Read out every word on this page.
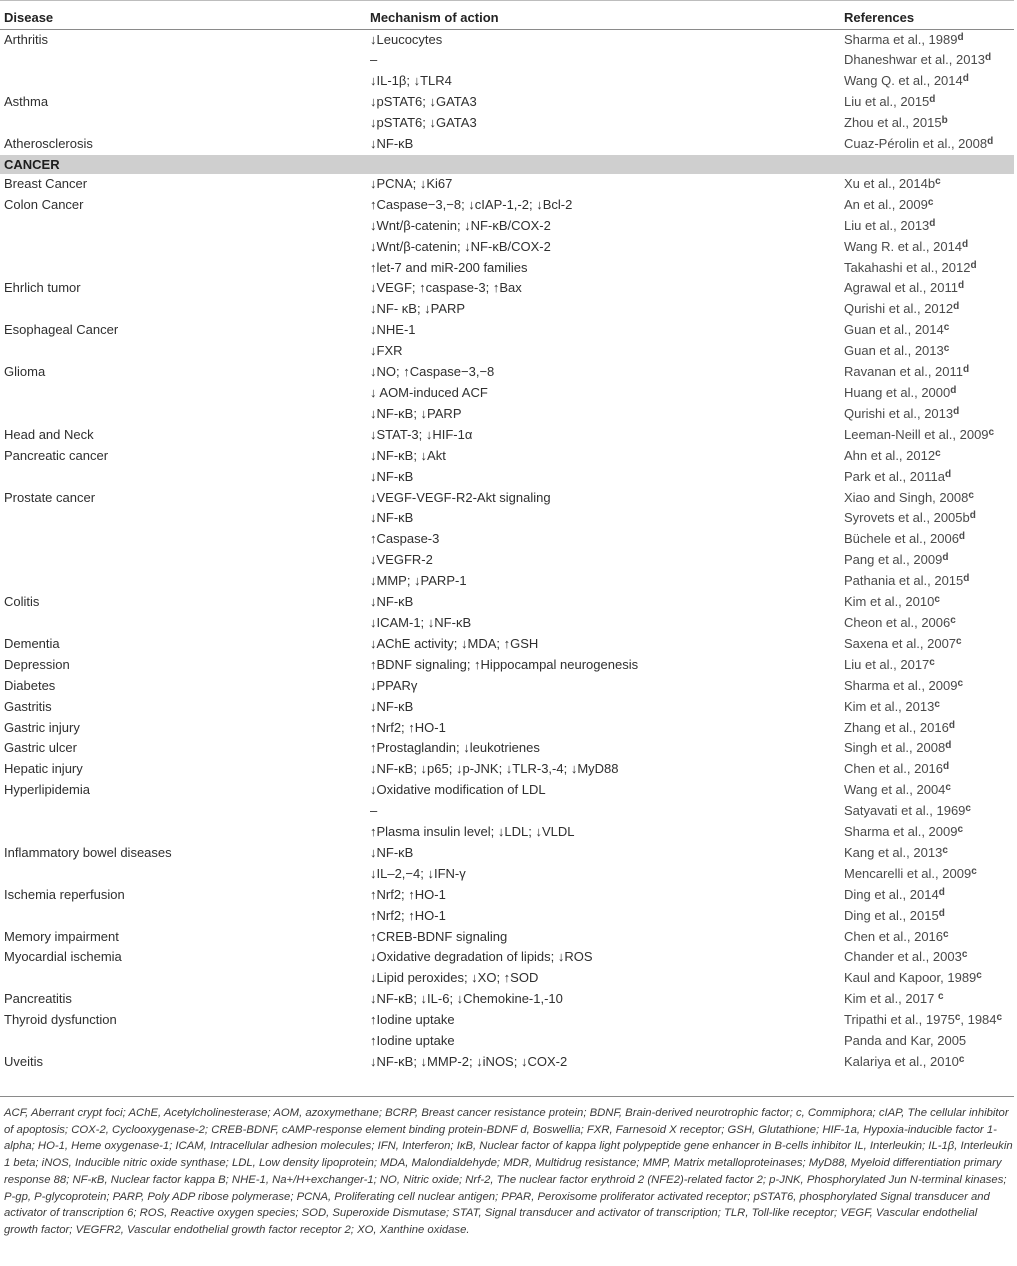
Disease	Mechanism of action	References
Arthritis	↓Leucocytes	Sharma et al., 1989$^d$
	–	Dhaneshwar et al., 2013$^d$
	↓IL-1β; ↓TLR4	Wang Q. et al., 2014$^d$
Asthma	↓pSTAT6; ↓GATA3	Liu et al., 2015$^d$
	↓pSTAT6; ↓GATA3	Zhou et al., 2015$^b$
Atherosclerosis	↓NF-κB	Cuaz-Pérolin et al., 2008$^d$
CANCER		
Breast Cancer	↓PCNA; ↓Ki67	Xu et al., $2014b^c$
Colon Cancer	↑Caspase−3,−8; ↓cIAP-1,-2; ↓Bcl-2	An et al., 2009$^c$
	↓Wnt/β-catenin; ↓NF-κB/COX-2	Liu et al., 2013$^d$
	↓Wnt/β-catenin; ↓NF-κB/COX-2	Wang R. et al., 2014$^d$
	↑let-7 and miR-200 families	Takahashi et al., 2012$^d$
Ehrlich tumor	↓VEGF; ↑caspase-3; ↑Bax	Agrawal et al., 2011$^d$
	↓NF- κB; ↓PARP	Qurishi et al., 2012$^d$
Esophageal Cancer	↓NHE-1	Guan et al., 2014$^c$
	↓FXR	Guan et al., 2013$^c$
Glioma	↓NO; ↑Caspase−3,−8	Ravanan et al., 2011$^d$
	↓ AOM-induced ACF	Huang et al., 2000$^d$
	↓NF-κB; ↓PARP	Qurishi et al., 2013$^d$
Head and Neck	↓STAT-3; ↓HIF-1α	Leeman-Neill et al., 2009$^c$
Pancreatic cancer	↓NF-κB; ↓Akt	Ahn et al., 2012$^c$
	↓NF-κB	Park et al., $2011a^d$
Prostate cancer	↓VEGF-VEGF-R2-Akt signaling	Xiao and Singh, 2008$^c$
	↓NF-κB	Syrovets et al., $2005b^d$
	↑Caspase-3	Büchele et al., 2006$^d$
	↓VEGFR-2	Pang et al., 2009$^d$
	↓MMP; ↓PARP-1	Pathania et al., 2015$^d$
Colitis	↓NF-κB	Kim et al., 2010$^c$
	↓ICAM-1; ↓NF-κB	Cheon et al., 2006$^c$
Dementia	↓AChE activity; ↓MDA; ↑GSH	Saxena et al., 2007$^c$
Depression	↑BDNF signaling; ↑Hippocampal neurogenesis	Liu et al., 2017$^c$
Diabetes	↓PPARγ	Sharma et al., 2009$^c$
Gastritis	↓NF-κB	Kim et al., 2013$^c$
Gastric injury	↑Nrf2; ↑HO-1	Zhang et al., 2016$^d$
Gastric ulcer	↑Prostaglandin; ↓leukotrienes	Singh et al., 2008$^d$
Hepatic injury	↓NF-κB; ↓p65; ↓p-JNK; ↓TLR-3,-4; ↓MyD88	Chen et al., 2016$^d$
Hyperlipidemia	↓Oxidative modification of LDL	Wang et al., 2004$^c$
	–	Satyavati et al., 1969$^c$
	↑Plasma insulin level; ↓LDL; ↓VLDL	Sharma et al., 2009$^c$
Inflammatory bowel diseases	↓NF-κB	Kang et al., 2013$^c$
	↓IL–2,−4; ↓IFN-γ	Mencarelli et al., 2009$^c$
Ischemia reperfusion	↑Nrf2; ↑HO-1	Ding et al., 2014$^d$
	↑Nrf2; ↑HO-1	Ding et al., 2015$^d$
Memory impairment	↑CREB-BDNF signaling	Chen et al., 2016$^c$
Myocardial ischemia	↓Oxidative degradation of lipids; ↓ROS	Chander et al., 2003$^c$
	↓Lipid peroxides; ↓XO; ↑SOD	Kaul and Kapoor, 1989$^c$
Pancreatitis	↓NF-κB; ↓IL-6; ↓Chemokine-1,-10	Kim et al., 2017 $^c$
Thyroid dysfunction	↑Iodine uptake	Tripathi et al., 1975$^c$, 1984$^c$
	↑Iodine uptake	Panda and Kar, 2005
Uveitis	↓NF-κB; ↓MMP-2; ↓iNOS; ↓COX-2	Kalariya et al., 2010$^c$
ACF, Aberrant crypt foci; AChE, Acetylcholinesterase; AOM, azoxymethane; BCRP, Breast cancer resistance protein; BDNF, Brain-derived neurotrophic factor; c, Commiphora; cIAP, The cellular inhibitor of apoptosis; COX-2, Cyclooxygenase-2; CREB-BDNF, cAMP-response element binding protein-BDNF d, Boswellia; FXR, Farnesoid X receptor; GSH, Glutathione; HIF-1a, Hypoxia-inducible factor 1-alpha; HO-1, Heme oxygenase-1; ICAM, Intracellular adhesion molecules; IFN, Interferon; IκB, Nuclear factor of kappa light polypeptide gene enhancer in B-cells inhibitor IL, Interleukin; IL-1β, Interleukin 1 beta; iNOS, Inducible nitric oxide synthase; LDL, Low density lipoprotein; MDA, Malondialdehyde; MDR, Multidrug resistance; MMP, Matrix metalloproteinases; MyD88, Myeloid differentiation primary response 88; NF-κB, Nuclear factor kappa B; NHE-1, Na+/H+exchanger-1; NO, Nitric oxide; Nrf-2, The nuclear factor erythroid 2 (NFE2)-related factor 2; p-JNK, Phosphorylated Jun N-terminal kinases; P-gp, P-glycoprotein; PARP, Poly ADP ribose polymerase; PCNA, Proliferating cell nuclear antigen; PPAR, Peroxisome proliferator activated receptor; pSTAT6, phosphorylated Signal transducer and activator of transcription 6; ROS, Reactive oxygen species; SOD, Superoxide Dismutase; STAT, Signal transducer and activator of transcription; TLR, Toll-like receptor; VEGF, Vascular endothelial growth factor; VEGFR2, Vascular endothelial growth factor receptor 2; XO, Xanthine oxidase.
